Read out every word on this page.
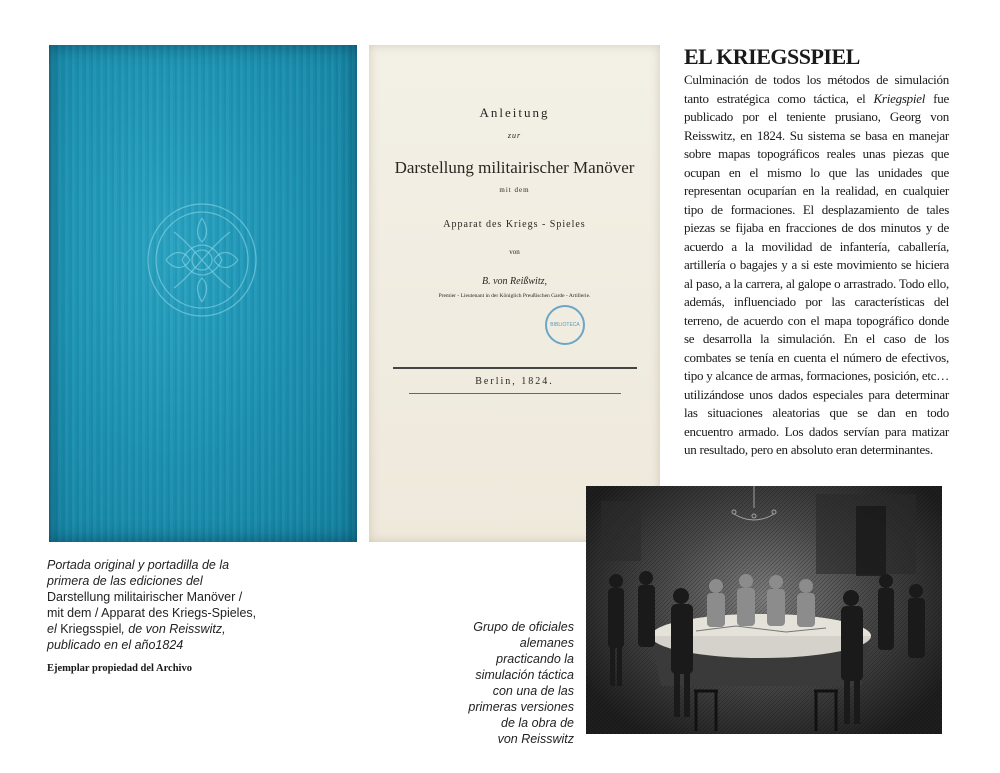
Anleitung
zur
Darstellung militairischer Manöver
mit dem
Apparat des Kriegs - Spieles
von
B. von Reißwitz,
Premier - Lieutenant in der Königlich Preußischen Garde - Artillerie.
BIBLIOTECA
Berlin, 1824.
EL KRIEGSSPIEL

Culminación de todos los métodos de simulación tanto estratégica como táctica, el Kriegspiel fue publicado por el teniente prusiano, Georg von Reisswitz, en 1824. Su sistema se basa en manejar sobre mapas topográficos reales unas piezas que ocupan en el mismo lo que las unidades que representan ocuparían en la realidad, en cualquier tipo de formaciones. El desplazamiento de tales piezas se fijaba en fracciones de dos minutos y de acuerdo a la movilidad de infantería, caballería, artillería o bagajes y a si este movimiento se hiciera al paso, a la carrera, al galope o arrastrado. Todo ello, además, influenciado por las características del terreno, de acuerdo con el mapa topográfico donde se desarrolla la simulación. En el caso de los combates se tenía en cuenta el número de efectivos, tipo y alcance de armas, formaciones, posición, etc… utilizándose unos dados especiales para determinar las situaciones aleatorias que se dan en todo encuentro armado. Los dados servían para matizar un resultado, pero en absoluto eran determinantes.

Portada original y portadilla de la
primera de las ediciones del
Darstellung militairischer Manöver /
mit dem / Apparat des Kriegs-Spieles,
el Kriegsspiel, de von Reisswitz,
publicado en el año1824

Ejemplar propiedad del Archivo

Grupo de oficiales
alemanes
practicando la
simulación táctica
con una de las
primeras versiones
de la obra de
von Reisswitz
